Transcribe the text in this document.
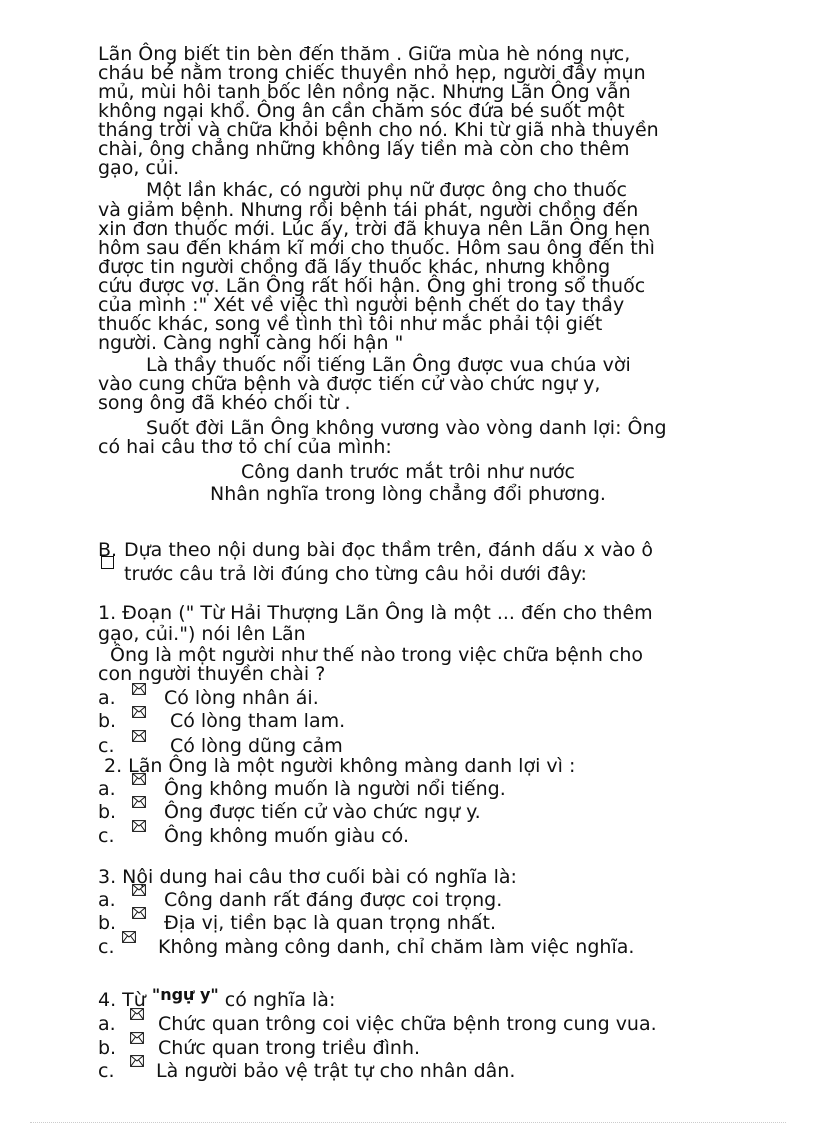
Lãn Ông biết tin bèn đến thăm . Giữa mùa hè nóng nực,
cháu bé nằm trong chiếc thuyền nhỏ hẹp, người đầy mụn
mủ, mùi hôi tanh bốc lên nồng nặc. Nhưng Lãn Ông vẫn
không ngại khổ. Ông ân cần chăm sóc đứa bé suốt một
tháng trời và chữa khỏi bệnh cho nó. Khi từ giã nhà thuyền
chài, ông chẳng những không lấy tiền mà còn cho thêm
gạo, củi.
Một lần khác, có người phụ nữ được ông cho thuốc
và giảm bệnh. Nhưng rồi bệnh tái phát, người chồng đến
xin đơn thuốc mới. Lúc ấy, trời đã khuya nên Lãn Ông hẹn
hôm sau đến khám kĩ mới cho thuốc. Hôm sau ông đến thì
được tin người chồng đã lấy thuốc khác, nhưng không
cứu được vợ. Lãn Ông rất hối hận. Ông ghi trong sổ thuốc
của mình :" Xét về việc thì người bệnh chết do tay thầy
thuốc khác, song về tình thì tôi như mắc phải tội giết
người. Càng nghĩ càng hối hận "
Là thầy thuốc nổi tiếng Lãn Ông được vua chúa vời
vào cung chữa bệnh và được tiến cử vào chức ngự y,
song ông đã khéo chối từ .
Suốt đời Lãn Ông không vương vào vòng danh lợi: Ông
có hai câu thơ tỏ chí của mình:
Công danh trước mắt trôi như nước
Nhân nghĩa trong lòng chẳng đổi phương.
B. Dựa theo nội dung bài đọc thầm trên, đánh dấu x vào ô
trước câu trả lời đúng cho từng câu hỏi dưới đây:
1. Đoạn (" Từ Hải Thượng Lãn Ông là một ... đến cho thêm
gạo, củi.") nói lên Lãn
Ông là một người như thế nào trong việc chữa bệnh cho
con người thuyền chài ?
a.	Có lòng nhân ái.
b.	Có lòng tham lam.
c.	Có lòng dũng cảm
2. Lãn Ông là một người không màng danh lợi vì :
a.	Ông không muốn là người nổi tiếng.
b.	Ông được tiến cử vào chức ngự y.
c.	Ông không muốn giàu có.
3. Nội dung hai câu thơ cuối bài có nghĩa là:
a.	Công danh rất đáng được coi trọng.
b.	Địa vị, tiền bạc là quan trọng nhất.
c. Không màng công danh, chỉ chăm làm việc nghĩa.
4. Từ $^{"ngự y"}$ có nghĩa là:
a. Chức quan trông coi việc chữa bệnh trong cung vua.
b. Chức quan trong triều đình.
c. Là người bảo vệ trật tự cho nhân dân.
